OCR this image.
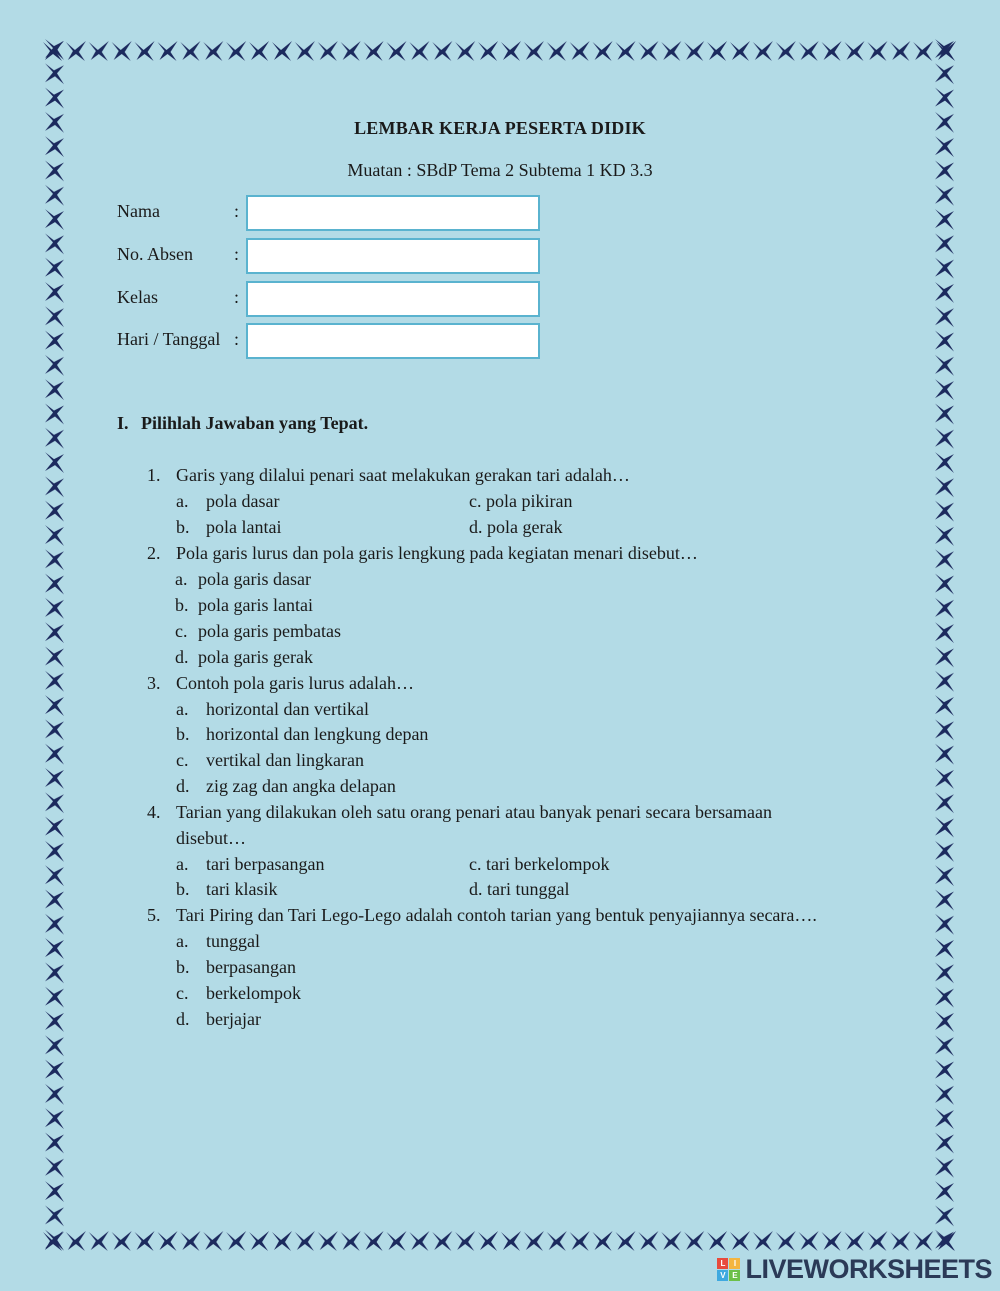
LEMBAR KERJA PESERTA DIDIK
Muatan : SBdP Tema 2 Subtema 1 KD 3.3
Nama	:
No. Absen :
Kelas	:
Hari / Tanggal :
I. Pilihlah Jawaban yang Tepat.
1. Garis yang dilalui penari saat melakukan gerakan tari adalah…
a. pola dasar	c. pola pikiran
b. pola lantai	d. pola gerak
2. Pola garis lurus dan pola garis lengkung pada kegiatan menari disebut…
a. pola garis dasar
b. pola garis lantai
c. pola garis pembatas
d. pola garis gerak
3. Contoh pola garis lurus adalah…
a. horizontal dan vertikal
b. horizontal dan lengkung depan
c. vertikal dan lingkaran
d. zig zag dan angka delapan
4. Tarian yang dilakukan oleh satu orang penari atau banyak penari secara bersamaan
disebut…
a. tari berpasangan	c. tari berkelompok
b. tari klasik	d. tari tunggal
5. Tari Piring dan Tari Lego-Lego adalah contoh tarian yang bentuk penyajiannya secara….
a. tunggal
b. berpasangan
c. berkelompok
d. berjajar
L	I
V E LIVEWORKSHEETS
